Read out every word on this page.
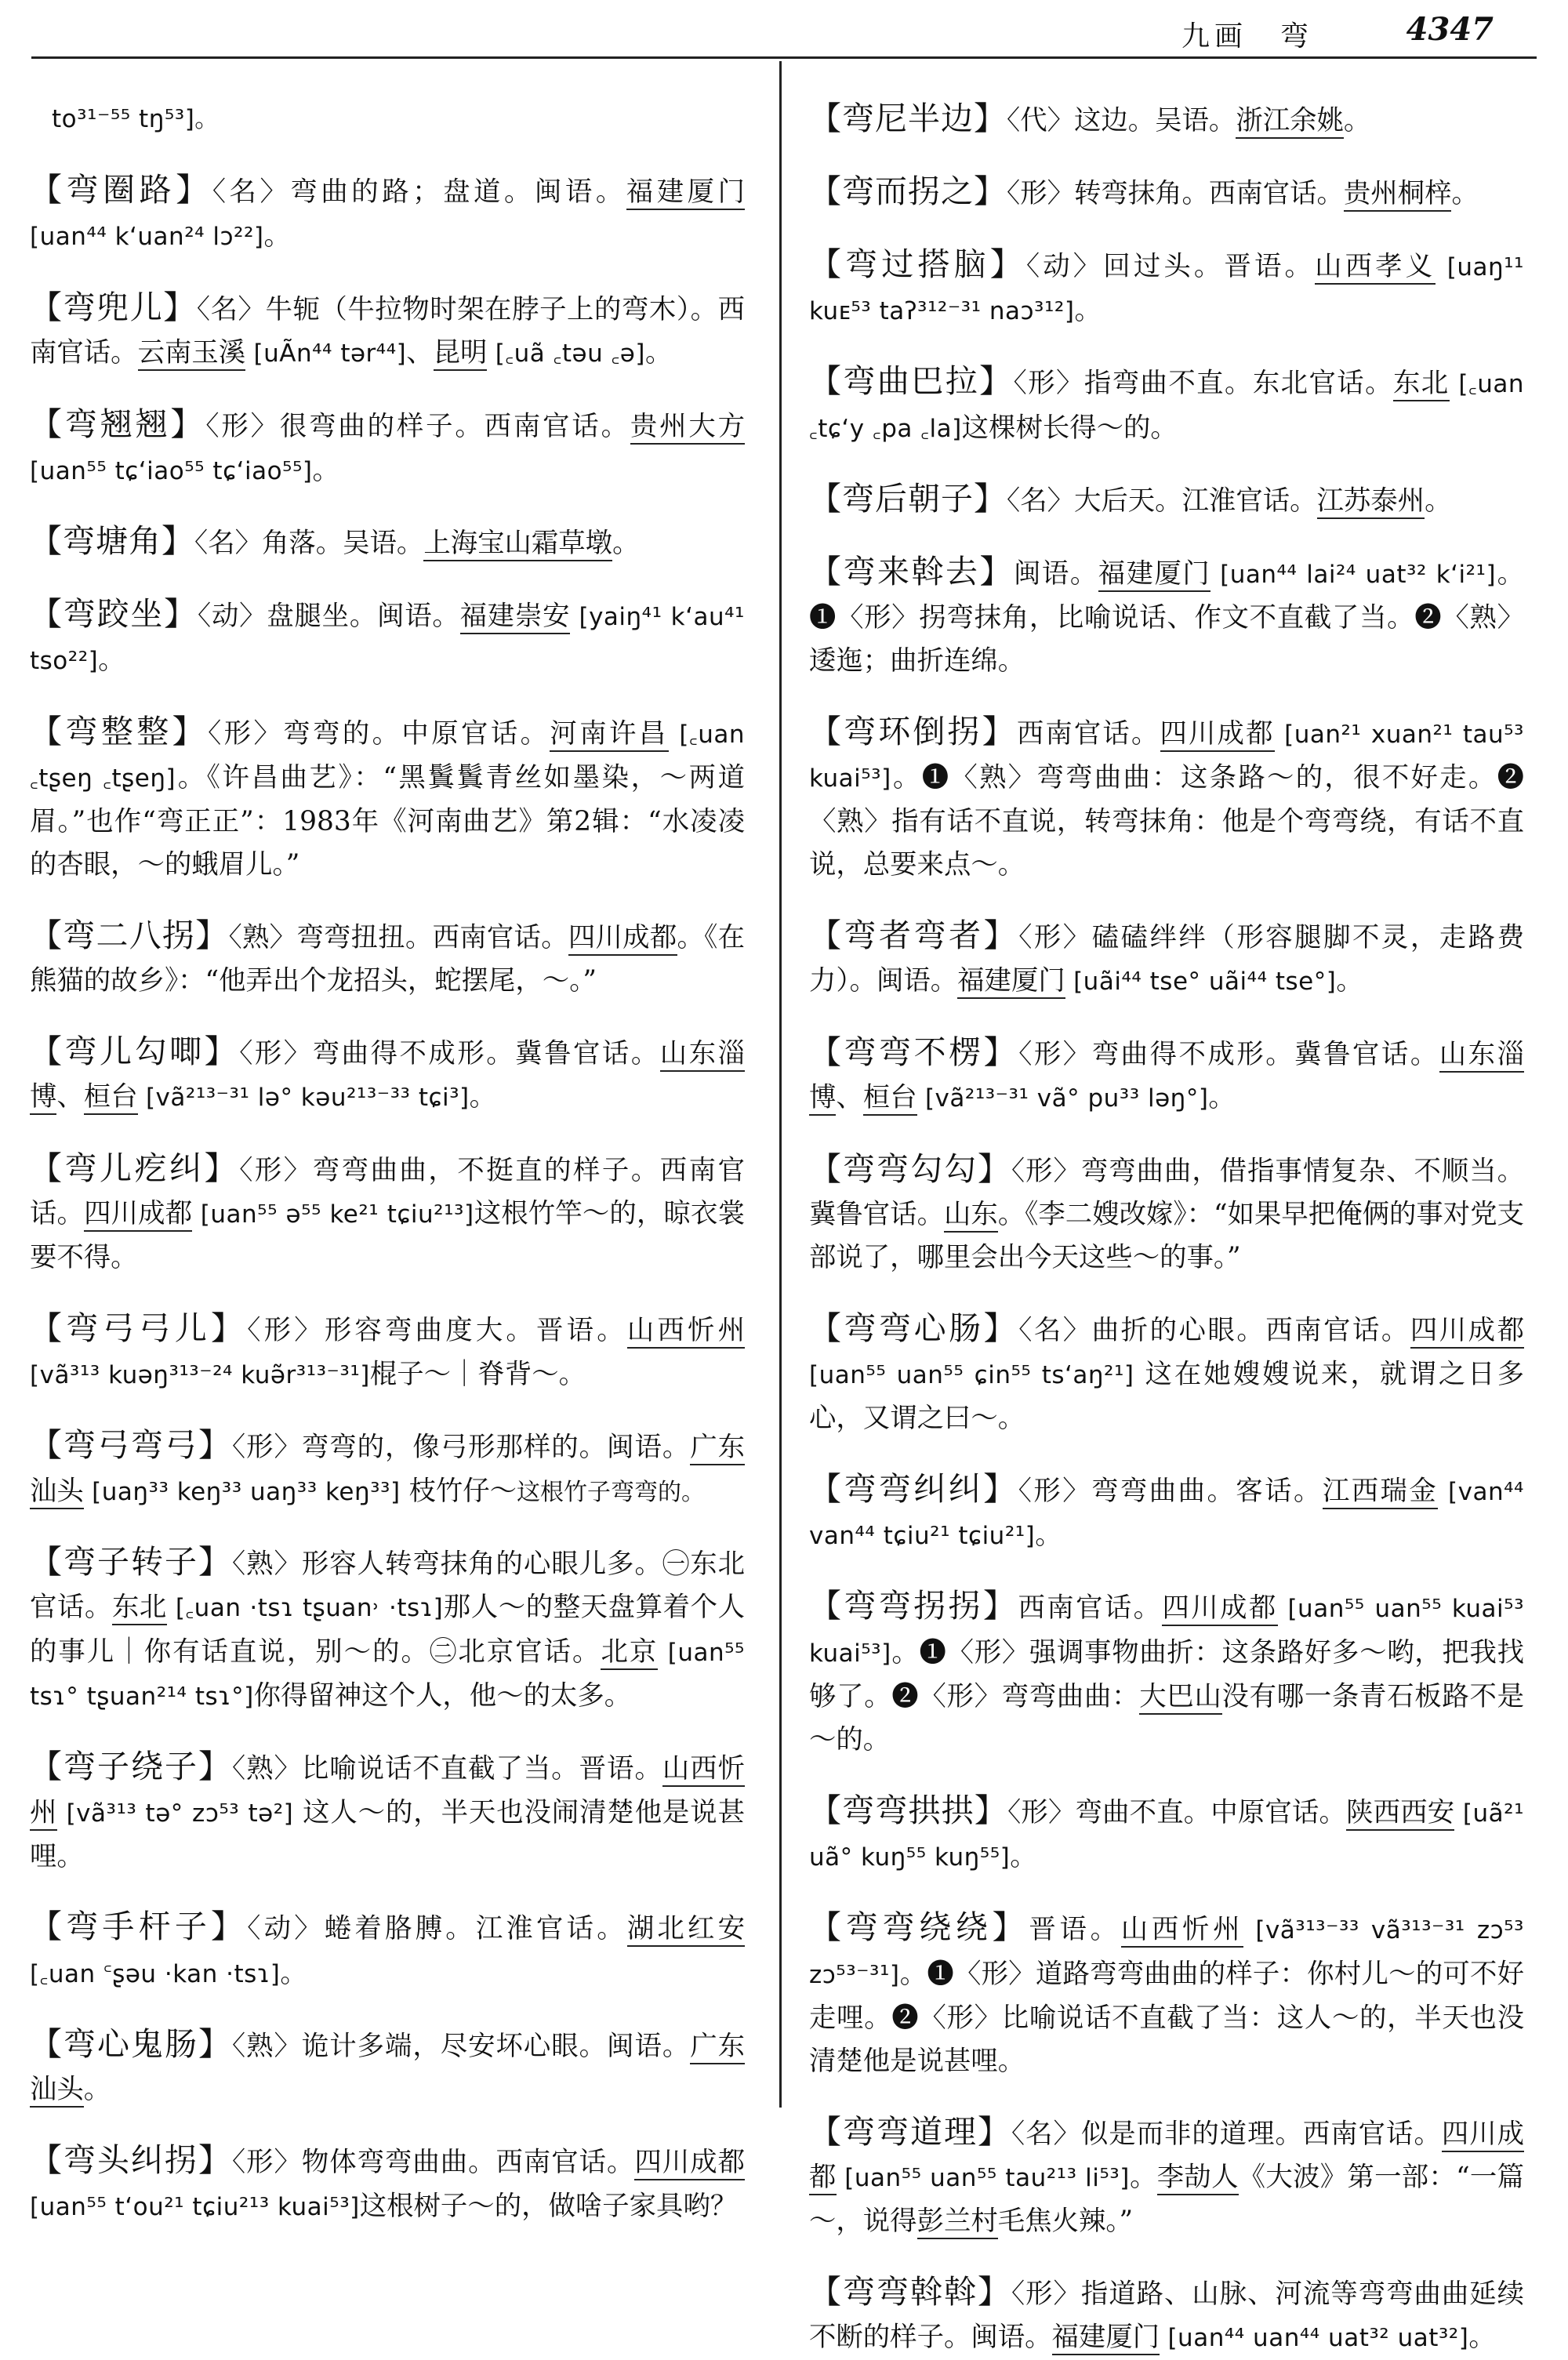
九画　弯	4347

to³¹⁻⁵⁵ tŋ⁵³]。

【弯圈路】〈名〉弯曲的路；盘道。闽语。福建厦门 [uan⁴⁴ kʻuan²⁴ lɔ²²]。

【弯兜儿】〈名〉牛轭（牛拉物时架在脖子上的弯木）。西南官话。云南玉溪 [uÃn⁴⁴ tər⁴⁴]、昆明 [꜀uã ꜀təu ꜀ə]。

【弯翘翘】〈形〉很弯曲的样子。西南官话。贵州大方 [uan⁵⁵ tɕʻiao⁵⁵ tɕʻiao⁵⁵]。

【弯塘角】〈名〉角落。吴语。上海宝山霜草墩。

【弯跤坐】〈动〉盘腿坐。闽语。福建崇安 [yaiŋ⁴¹ kʻau⁴¹ tso²²]。

【弯整整】〈形〉弯弯的。中原官话。河南许昌 [꜀uan ꜀tʂeŋ ꜀tʂeŋ]。《许昌曲艺》：“黑鬒鬒青丝如墨染，～两道眉。”也作“弯正正”：1983年《河南曲艺》第2辑：“水凌凌的杏眼，～的蛾眉儿。”

【弯二八拐】〈熟〉弯弯扭扭。西南官话。四川成都。《在熊猫的故乡》：“他弄出个龙招头，蛇摆尾，～。”

【弯儿勾唧】〈形〉弯曲得不成形。冀鲁官话。山东淄博、桓台 [vã²¹³⁻³¹ lə° kəu²¹³⁻³³ tɕi³]。

【弯儿疙纠】〈形〉弯弯曲曲，不挺直的样子。西南官话。四川成都 [uan⁵⁵ ə⁵⁵ ke²¹ tɕiu²¹³]这根竹竿～的，晾衣裳要不得。

【弯弓弓儿】〈形〉形容弯曲度大。晋语。山西忻州 [vã³¹³ kuəŋ³¹³⁻²⁴ kuə̃r³¹³⁻³¹]棍子～｜脊背～。

【弯弓弯弓】〈形〉弯弯的，像弓形那样的。闽语。广东汕头 [uaŋ³³ keŋ³³ uaŋ³³ keŋ³³] 枝竹仔～这根竹子弯弯的。

【弯子转子】〈熟〉形容人转弯抹角的心眼儿多。㊀东北官话。东北 [꜀uan ·tsɿ tʂuan˒ ·tsɿ]那人～的整天盘算着个人的事儿｜你有话直说，别～的。㊁北京官话。北京 [uan⁵⁵ tsɿ° tʂuan²¹⁴ tsɿ°]你得留神这个人，他～的太多。

【弯子绕子】〈熟〉比喻说话不直截了当。晋语。山西忻州 [vã³¹³ tə° zɔ⁵³ tə²] 这人～的，半天也没闹清楚他是说甚哩。

【弯手杆子】〈动〉蜷着胳膊。江淮官话。湖北红安 [꜀uan ꜂ʂəu ·kan ·tsɿ]。

【弯心鬼肠】〈熟〉诡计多端，尽安坏心眼。闽语。广东汕头。

【弯头纠拐】〈形〉物体弯弯曲曲。西南官话。四川成都 [uan⁵⁵ tʻou²¹ tɕiu²¹³ kuai⁵³]这根树子～的，做啥子家具哟？

【弯尼半边】〈代〉这边。吴语。浙江余姚。

【弯而拐之】〈形〉转弯抹角。西南官话。贵州桐梓。

【弯过搭脑】〈动〉回过头。晋语。山西孝义 [uaŋ¹¹ kuᴇ⁵³ taʔ³¹²⁻³¹ naɔ³¹²]。

【弯曲巴拉】〈形〉指弯曲不直。东北官话。东北 [꜀uan ꜀tɕʻy ꜀pa ꜀la]这棵树长得～的。

【弯后朝子】〈名〉大后天。江淮官话。江苏泰州。

【弯来斡去】闽语。福建厦门 [uan⁴⁴ lai²⁴ uat³² kʻi²¹]。❶〈形〉拐弯抹角，比喻说话、作文不直截了当。❷〈熟〉逶迤；曲折连绵。

【弯环倒拐】西南官话。四川成都 [uan²¹ xuan²¹ tau⁵³ kuai⁵³]。❶〈熟〉弯弯曲曲：这条路～的，很不好走。❷〈熟〉指有话不直说，转弯抹角：他是个弯弯绕，有话不直说，总要来点～。

【弯者弯者】〈形〉磕磕绊绊（形容腿脚不灵，走路费力）。闽语。福建厦门 [uãi⁴⁴ tse° uãi⁴⁴ tse°]。

【弯弯不楞】〈形〉弯曲得不成形。冀鲁官话。山东淄博、桓台 [vã²¹³⁻³¹ vã° pu³³ ləŋ°]。

【弯弯勾勾】〈形〉弯弯曲曲，借指事情复杂、不顺当。冀鲁官话。山东。《李二嫂改嫁》：“如果早把俺俩的事对党支部说了，哪里会出今天这些～的事。”

【弯弯心肠】〈名〉曲折的心眼。西南官话。四川成都 [uan⁵⁵ uan⁵⁵ ɕin⁵⁵ tsʻaŋ²¹] 这在她嫂嫂说来，就谓之日多心，又谓之曰～。

【弯弯纠纠】〈形〉弯弯曲曲。客话。江西瑞金 [van⁴⁴ van⁴⁴ tɕiu²¹ tɕiu²¹]。

【弯弯拐拐】西南官话。四川成都 [uan⁵⁵ uan⁵⁵ kuai⁵³ kuai⁵³]。❶〈形〉强调事物曲折：这条路好多～哟，把我找够了。❷〈形〉弯弯曲曲：大巴山没有哪一条青石板路不是～的。

【弯弯拱拱】〈形〉弯曲不直。中原官话。陕西西安 [uã²¹ uã° kuŋ⁵⁵ kuŋ⁵⁵]。

【弯弯绕绕】晋语。山西忻州 [vã³¹³⁻³³ vã³¹³⁻³¹ zɔ⁵³ zɔ⁵³⁻³¹]。❶〈形〉道路弯弯曲曲的样子：你村儿～的可不好走哩。❷〈形〉比喻说话不直截了当：这人～的，半天也没清楚他是说甚哩。

【弯弯道理】〈名〉似是而非的道理。西南官话。四川成都 [uan⁵⁵ uan⁵⁵ tau²¹³ li⁵³]。李劼人《大波》第一部：“一篇～，说得彭兰村毛焦火辣。”

【弯弯斡斡】〈形〉指道路、山脉、河流等弯弯曲曲延续不断的样子。闽语。福建厦门 [uan⁴⁴ uan⁴⁴ uat³² uat³²]。
